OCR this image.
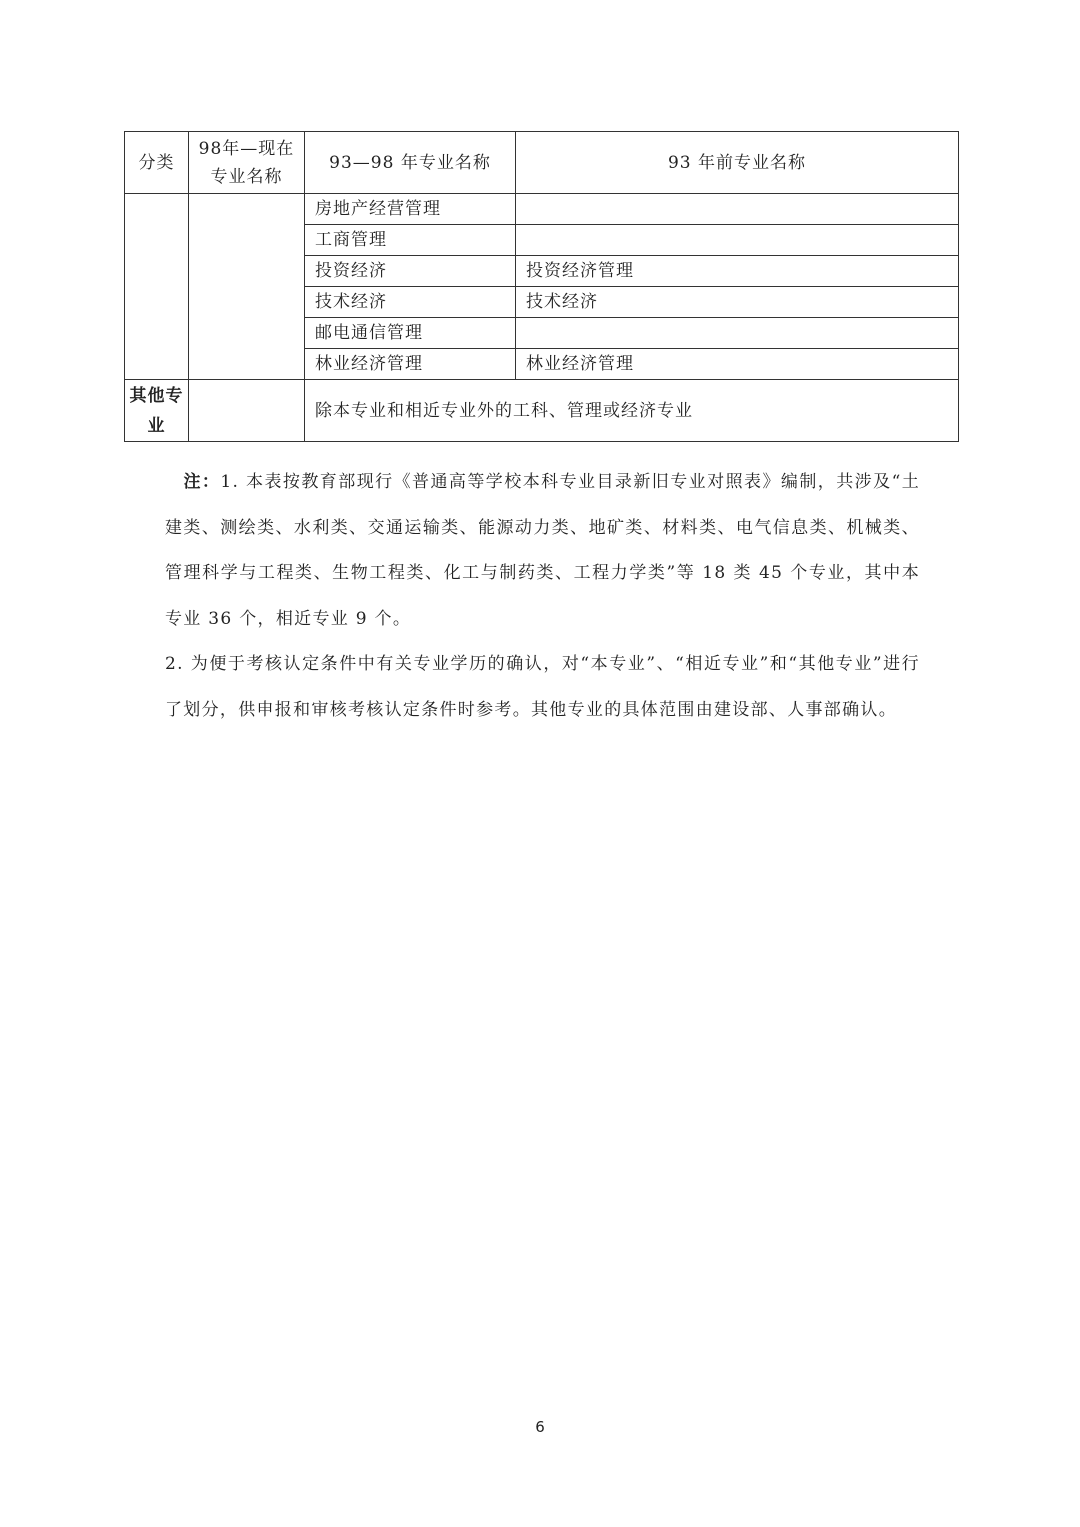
分类	98年—现在专业名称	93—98 年专业名称	93 年前专业名称
		房地产经营管理	
		工商管理	
		投资经济	投资经济管理
		技术经济	技术经济
		邮电通信管理	
		林业经济管理	林业经济管理
其他专业		除本专业和相近专业外的工科、管理或经济专业	

 注：1. 本表按教育部现行《普通高等学校本科专业目录新旧专业对照表》编制，共涉及“土建类、测绘类、水利类、交通运输类、能源动力类、地矿类、材料类、电气信息类、机械类、管理科学与工程类、生物工程类、化工与制药类、工程力学类”等 18 类 45 个专业，其中本专业 36 个，相近专业 9 个。

2. 为便于考核认定条件中有关专业学历的确认，对“本专业”、“相近专业”和“其他专业”进行了划分，供申报和审核考核认定条件时参考。其他专业的具体范围由建设部、人事部确认。

6
